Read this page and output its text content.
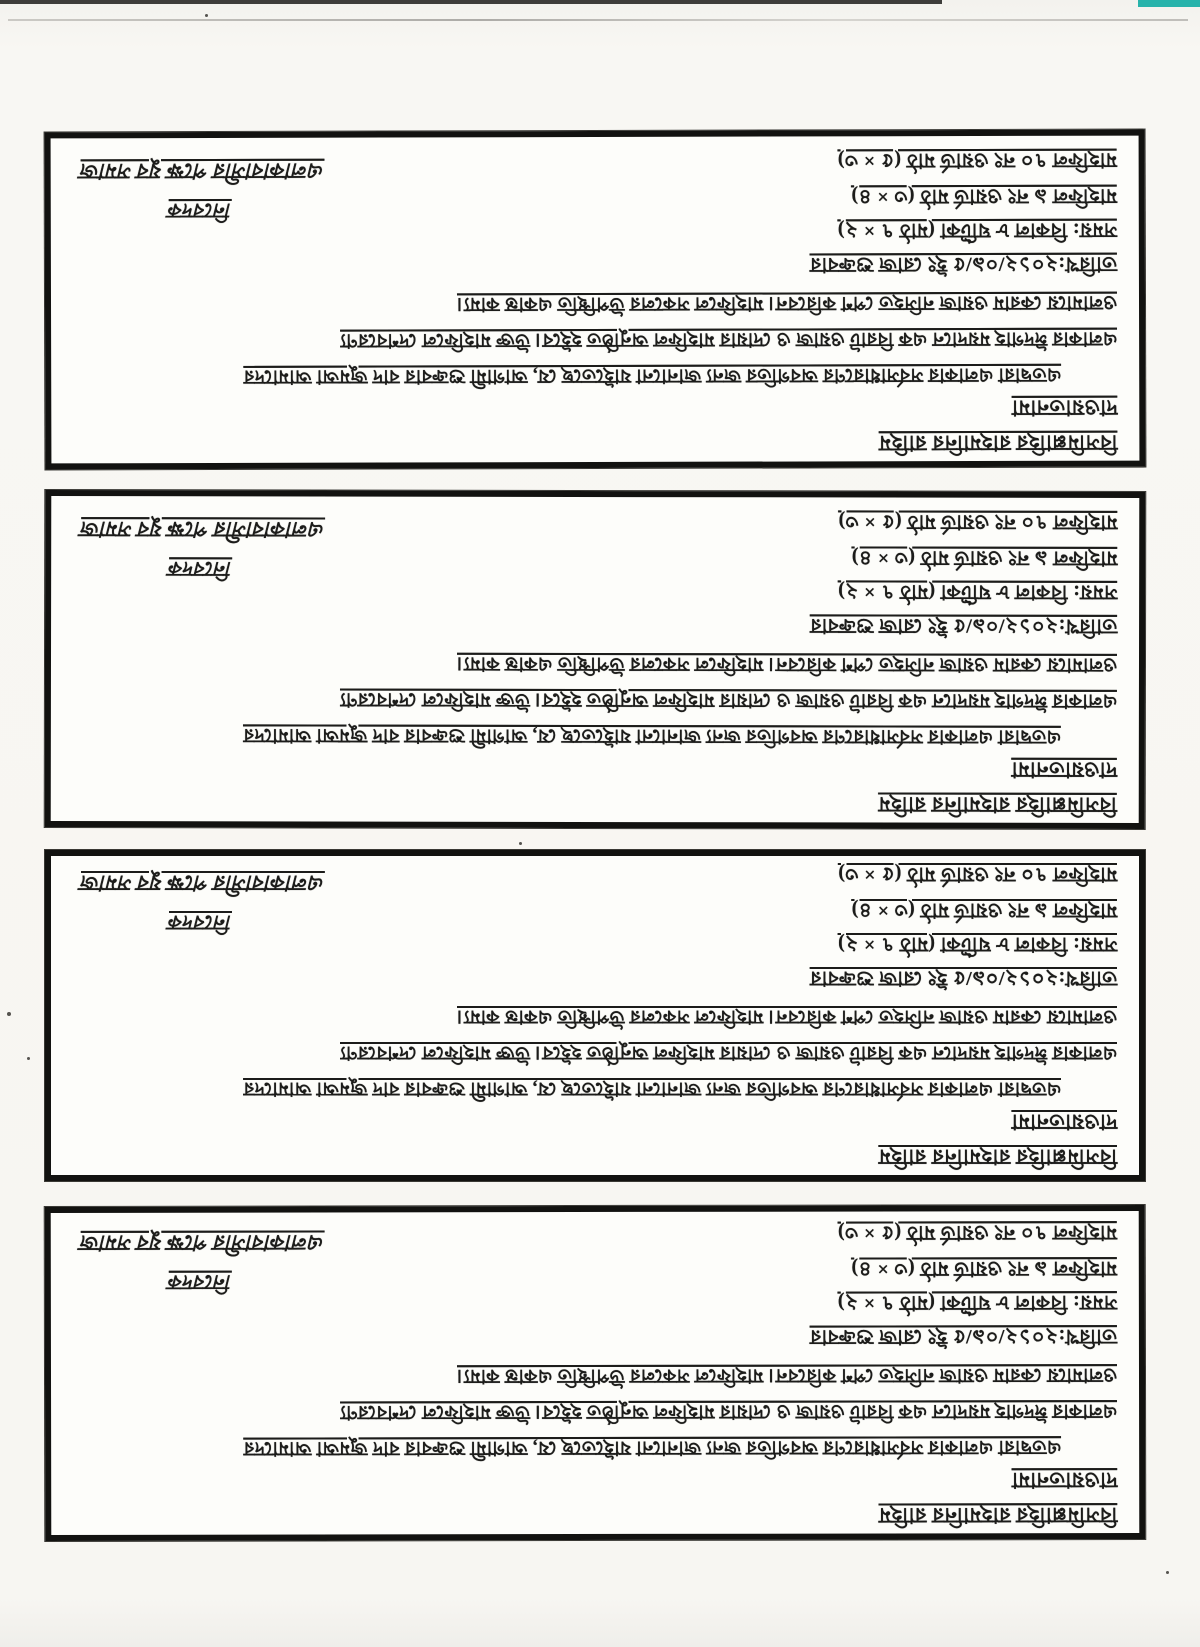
বিসমিল্লাহির রাহমানির রাহিম
দাওয়াতনামা
এতদ্বারা এলাকার সর্বসাধারণের অবগতির জন্য জানানো যাইতেছে যে, আগামী শুক্রবার বাদ জুমআ আমাদের
এলাকার ঈদগাহ ময়দানে এক বিরাট ওয়াজ ও দোয়ার মাহফিল অনুষ্ঠিত হইবে। উক্ত মাহফিলে দেশবরেণ্য
ওলামায়ে কেরাম ওয়াজ নসিহত পেশ করিবেন। মাহফিলে সকলের উপস্থিতি একান্ত কাম্য।
তারিখ:২০১২/০৯/৫ ইং রোজ শুক্রবার
সময়: বিকাল ৮ ঘটিকা (মাঠ ৭ × ২)
মাহফিল ৯ নং ওয়ার্ড মাঠ (৩ × ৪)
মাহফিল ৭০ নং ওয়ার্ড মাঠ (৫ × ৩)
নিবেদক
এলাকাবাসীর পক্ষে যুব সমাজ
বিসমিল্লাহির রাহমানির রাহিম
দাওয়াতনামা
এতদ্বারা এলাকার সর্বসাধারণের অবগতির জন্য জানানো যাইতেছে যে, আগামী শুক্রবার বাদ জুমআ আমাদের
এলাকার ঈদগাহ ময়দানে এক বিরাট ওয়াজ ও দোয়ার মাহফিল অনুষ্ঠিত হইবে। উক্ত মাহফিলে দেশবরেণ্য
ওলামায়ে কেরাম ওয়াজ নসিহত পেশ করিবেন। মাহফিলে সকলের উপস্থিতি একান্ত কাম্য।
তারিখ:২০১২/০৯/৫ ইং রোজ শুক্রবার
সময়: বিকাল ৮ ঘটিকা (মাঠ ৭ × ২)
মাহফিল ৯ নং ওয়ার্ড মাঠ (৩ × ৪)
মাহফিল ৭০ নং ওয়ার্ড মাঠ (৫ × ৩)
নিবেদক
এলাকাবাসীর পক্ষে যুব সমাজ
বিসমিল্লাহির রাহমানির রাহিম
দাওয়াতনামা
এতদ্বারা এলাকার সর্বসাধারণের অবগতির জন্য জানানো যাইতেছে যে, আগামী শুক্রবার বাদ জুমআ আমাদের
এলাকার ঈদগাহ ময়দানে এক বিরাট ওয়াজ ও দোয়ার মাহফিল অনুষ্ঠিত হইবে। উক্ত মাহফিলে দেশবরেণ্য
ওলামায়ে কেরাম ওয়াজ নসিহত পেশ করিবেন। মাহফিলে সকলের উপস্থিতি একান্ত কাম্য।
তারিখ:২০১২/০৯/৫ ইং রোজ শুক্রবার
সময়: বিকাল ৮ ঘটিকা (মাঠ ৭ × ২)
মাহফিল ৯ নং ওয়ার্ড মাঠ (৩ × ৪)
মাহফিল ৭০ নং ওয়ার্ড মাঠ (৫ × ৩)
নিবেদক
এলাকাবাসীর পক্ষে যুব সমাজ
বিসমিল্লাহির রাহমানির রাহিম
দাওয়াতনামা
এতদ্বারা এলাকার সর্বসাধারণের অবগতির জন্য জানানো যাইতেছে যে, আগামী শুক্রবার বাদ জুমআ আমাদের
এলাকার ঈদগাহ ময়দানে এক বিরাট ওয়াজ ও দোয়ার মাহফিল অনুষ্ঠিত হইবে। উক্ত মাহফিলে দেশবরেণ্য
ওলামায়ে কেরাম ওয়াজ নসিহত পেশ করিবেন। মাহফিলে সকলের উপস্থিতি একান্ত কাম্য।
তারিখ:২০১২/০৯/৫ ইং রোজ শুক্রবার
সময়: বিকাল ৮ ঘটিকা (মাঠ ৭ × ২)
মাহফিল ৯ নং ওয়ার্ড মাঠ (৩ × ৪)
মাহফিল ৭০ নং ওয়ার্ড মাঠ (৫ × ৩)
নিবেদক
এলাকাবাসীর পক্ষে যুব সমাজ
